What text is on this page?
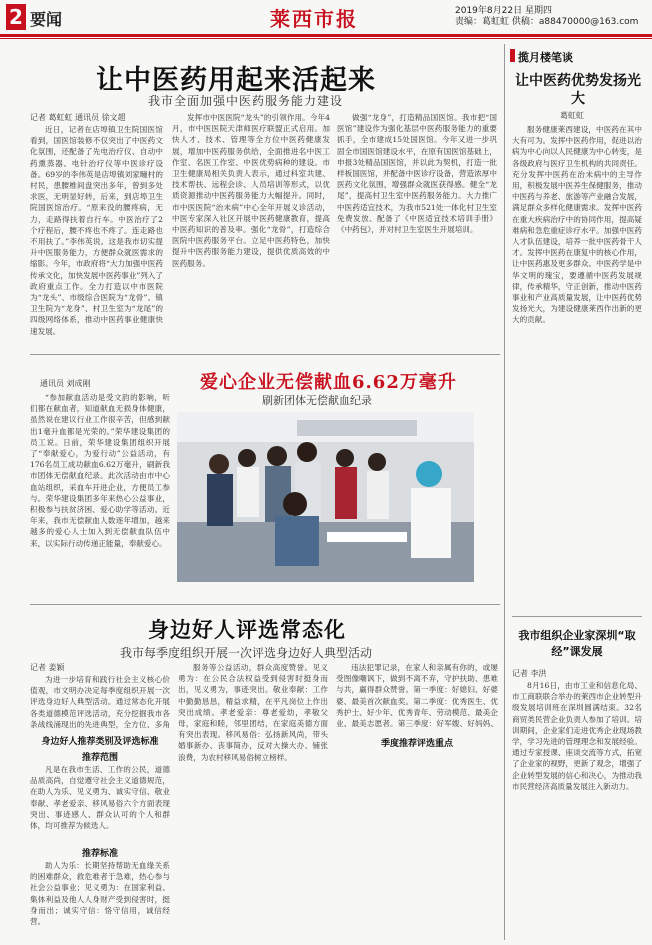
2 要闻	莱西市报	2019年8月22日 星期四
责编：葛虹虹 供稿：a88470000@163.com
让中医药用起来活起来
我市全面加强中医药服务能力建设
记者 葛虹虹 通讯员 徐文超
近日，记者在店埠镇卫生院国医馆看到，国医馆装修不仅突出了中医药文化氛围，还配备了先电治疗仪、自动中药熏蒸器、电针治疗仪等中医诊疗设备。69岁的李伟英是店埠镇刘家疃村的村民，患腰椎间盘突出多年，曾到多处求医，无明显好转，后来，到店埠卫生院国医馆治疗。“原来没的腰疼病，无力，走路得扶着自行车。中医治疗了2个疗程后，腰不疼也不疼了。连走路也不用扶了。”李伟英说。这是我市切实提升中医服务能力，方便群众就医需求的缩影。今年，市政府将“大力加强中医药传承文化，加快发展中医药事业”列入了政府重点工作。全力打造以中市医院为“龙头”、市级综合医院为“龙骨”、镇卫生院为“龙身”、村卫生室为“龙尾”的四级网络体系，推动中医药事业健康快速发展。
发挥市中医医院“龙头”的引领作用。今年4月，市中医医院天津师医疗联盟正式启用。加快人才、技术、管理等全方位中医药健康发展，增加中医药服务供给，全面推进名中医工作室、名医工作室、中医优势病种的建设。市卫生健康局相关负责人表示，通过科室共建、技术帮扶、远程会诊、人员培训等形式，以优质资源推动中医药服务能力大幅提升。同时，市中医医院“治未病”中心全年开展义诊活动，中医专家深入社区开展中医药健康教育，提高中医药知识的普及率。强化“龙骨”，打造综合医院中医药服务平台。立足中医药特色，加快提升中医药服务能力建设，提供优质高效的中医药服务。
做强“龙身”，打造精品国医馆。我市把“国医馆”建设作为强化基层中医药服务能力的重要抓手，全市建成15处国医馆。今年又进一步巩固全市国医馆建设水平，在原有国医馆基础上，申报3处精品国医馆，并以此为契机，打造一批样板国医馆，并配备中医诊疗设备，营造浓厚中医药文化氛围，增强群众就医获得感。健全“龙尾”，提高村卫生室中医药服务能力。大力推广中医药适宜技术，为我市521处一体化村卫生室免费发放、配备了《中医适宜技术培训手册》《中药包》，并对村卫生室医生开展培训。
爱心企业无偿献血6.62万毫升
刷新团体无偿献血纪录
通讯员 刘成刚
“参加献血活动是受文韵的影响，听们都在献血者，知道献血无损身体健康，虽然说在建议行业工作很辛苦，但感到献出1毫升血都是光荣的。”荣华建设集团的员工说。日前，荣华建设集团组织开展了“奉献爱心，为爱行动”公益活动，有176名员工成功献血6.62万毫升，刷新我市团体无偿献血纪录。此次活动由市中心血站组织，采血车开进企业，方便员工参与。荣华建设集团多年来热心公益事业，积极参与扶贫济困、爱心助学等活动。近年来，我市无偿献血人数逐年增加，越来越多的爱心人士加入到无偿献血队伍中来，以实际行动传递正能量，奉献爱心。
身边好人评选常态化
我市每季度组织开展一次评选身边好人典型活动
记者 姜颖
为进一步培育和践行社会主义核心价值观，市文明办决定每季度组织开展一次评选身边好人典型活动。通过常态化开展各类道德模范评选活动，充分挖掘我市各条战线涌现出的先进典型，全方位、多角
身边好人推荐类别及评选标准
推荐范围
凡是在我市生活、工作的公民，道德品质高尚，自觉遵守社会主义道德规范，在助人为乐、见义勇为、诚实守信、敬业奉献、孝老爱亲、移风易俗六个方面表现突出、事迹感人、群众认可的个人和群体，均可推荐为候选人。
推荐标准
助人为乐：长期坚持帮助无血缘关系的困难群众，救危难者于急难，热心参与社会公益事业；见义勇为：在国家利益、集体利益及他人人身财产受到侵害时，挺身而出；诚实守信：恪守信用，诚信经营。
服务等公益活动，群众高度赞誉。见义勇为：在公民合法权益受到侵害时挺身而出，见义勇为，事迹突出。敬业奉献：工作中勤勤恳恳，精益求精，在平凡岗位上作出突出成绩。孝老爱亲：尊老爱幼，孝敬父母，家庭和睦，邻里团结，在家庭美德方面有突出表现。移风易俗：弘扬新风尚，带头婚事新办、丧事简办，反对大操大办、铺张浪费，为农村移风易俗树立榜样。
违法犯罪记录，在家人和亲属有你的，或屡受图像嘲讽下，做到不离不弃，守护扶助、患难与共，赢得群众赞誉。第一季度：好媳妇、好婆婆、最美首次献血奖。第二季度：优秀医生、优秀护士、好少年、优秀青年、劳动模范、最美企业、最美志愿者。第三季度：好军嫂、好妈妈、
季度推荐评选重点
揽月楼笔谈
让中医药优势发扬光大
葛虹虹
服务健康莱西建设，中医药在其中大有可为。发挥中医药作用，促进以治病为中心向以人民健康为中心转变，是各级政府与医疗卫生机构的共同责任。充分发挥中医药在治未病中的主导作用，积极发展中医养生保健服务，推动中医药与养老、旅游等产业融合发展，满足群众多样化健康需求。发挥中医药在重大疾病治疗中的协同作用，提高疑难病和急危重症诊疗水平。加强中医药人才队伍建设，培养一批中医药骨干人才。发挥中医药在康复中的核心作用，让中医药惠及更多群众。中医药学是中华文明的瑰宝，要遵循中医药发展规律，传承精华，守正创新，推动中医药事业和产业高质量发展，让中医药优势发扬光大，为建设健康莱西作出新的更大的贡献。
我市组织企业家深圳“取经”课发展
记者 李洪
8月16日，由市工业和信息化局、市工商联联合举办的莱西市企业转型升级发展培训班在深圳圆满结束。32名商贸类民营企业负责人参加了培训。培训期间，企业家们走进优秀企业现场教学，学习先进的管理理念和发展经验。通过专家授课、座谈交流等方式，拓宽了企业家的视野，更新了观念，增强了企业转型发展的信心和决心，为推动我市民营经济高质量发展注入新动力。
